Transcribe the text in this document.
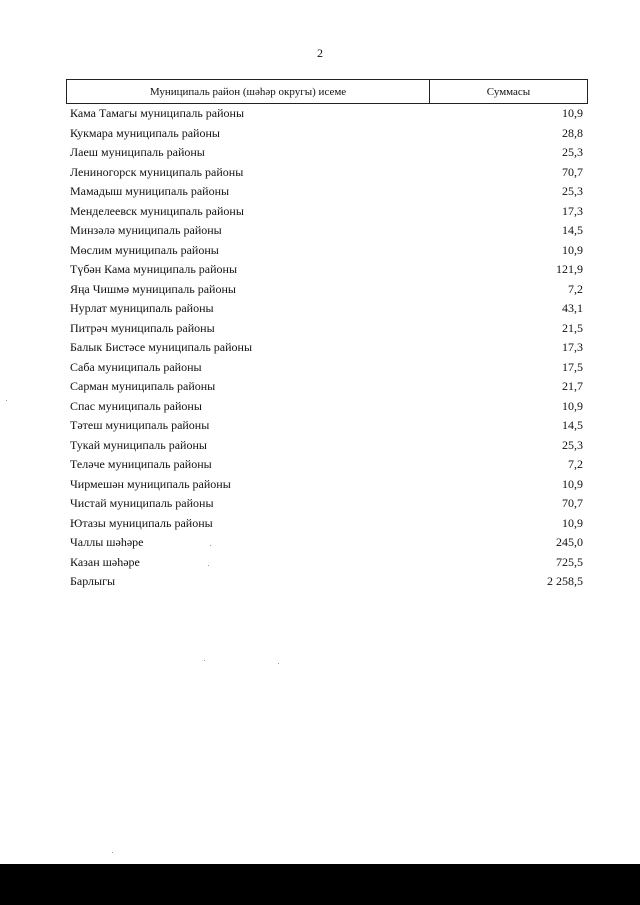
2
Муниципаль район (шәһәр округы) исеме	Суммасы
Кама Тамагы муниципаль районы	10,9
Кукмара муниципаль районы	28,8
Лаеш муниципаль районы	25,3
Лениногорск муниципаль районы	70,7
Мамадыш муниципаль районы	25,3
Менделеевск муниципаль районы	17,3
Минзәлә муниципаль районы	14,5
Мөслим муниципаль районы	10,9
Түбән Кама муниципаль районы	121,9
Яңа Чишмә муниципаль районы	7,2
Нурлат муниципаль районы	43,1
Питрәч муниципаль районы	21,5
Балык Бистәсе муниципаль районы	17,3
Саба муниципаль районы	17,5
Сарман муниципаль районы	21,7
Спас муниципаль районы	10,9
Тәтеш муниципаль районы	14,5
Тукай муниципаль районы	25,3
Теләче муниципаль районы	7,2
Чирмешән муниципаль районы	10,9
Чистай муниципаль районы	70,7
Ютазы муниципаль районы	10,9
Чаллы шәһәре	245,0
Казан шәһәре	725,5
Барлыгы	2 258,5
